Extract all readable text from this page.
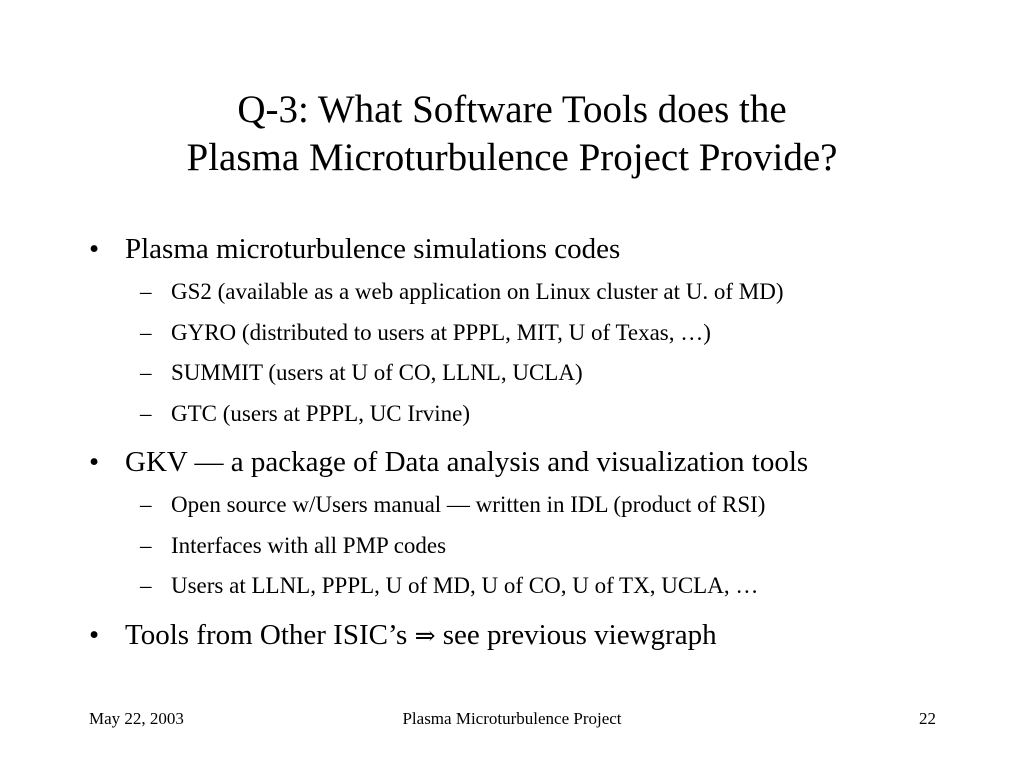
Q-3: What Software Tools does the
Plasma Microturbulence Project Provide?
• Plasma microturbulence simulations codes
– GS2 (available as a web application on Linux cluster at U. of MD)
– GYRO (distributed to users at PPPL, MIT, U of Texas, …)
– SUMMIT (users at U of CO, LLNL, UCLA)
– GTC (users at PPPL, UC Irvine)
• GKV — a package of Data analysis and visualization tools
– Open source w/Users manual — written in IDL (product of RSI)
– Interfaces with all PMP codes
– Users at LLNL, PPPL, U of MD, U of CO, U of TX, UCLA, …
• Tools from Other ISIC’s ⇒ see previous viewgraph
May 22, 2003	Plasma Microturbulence Project	22
